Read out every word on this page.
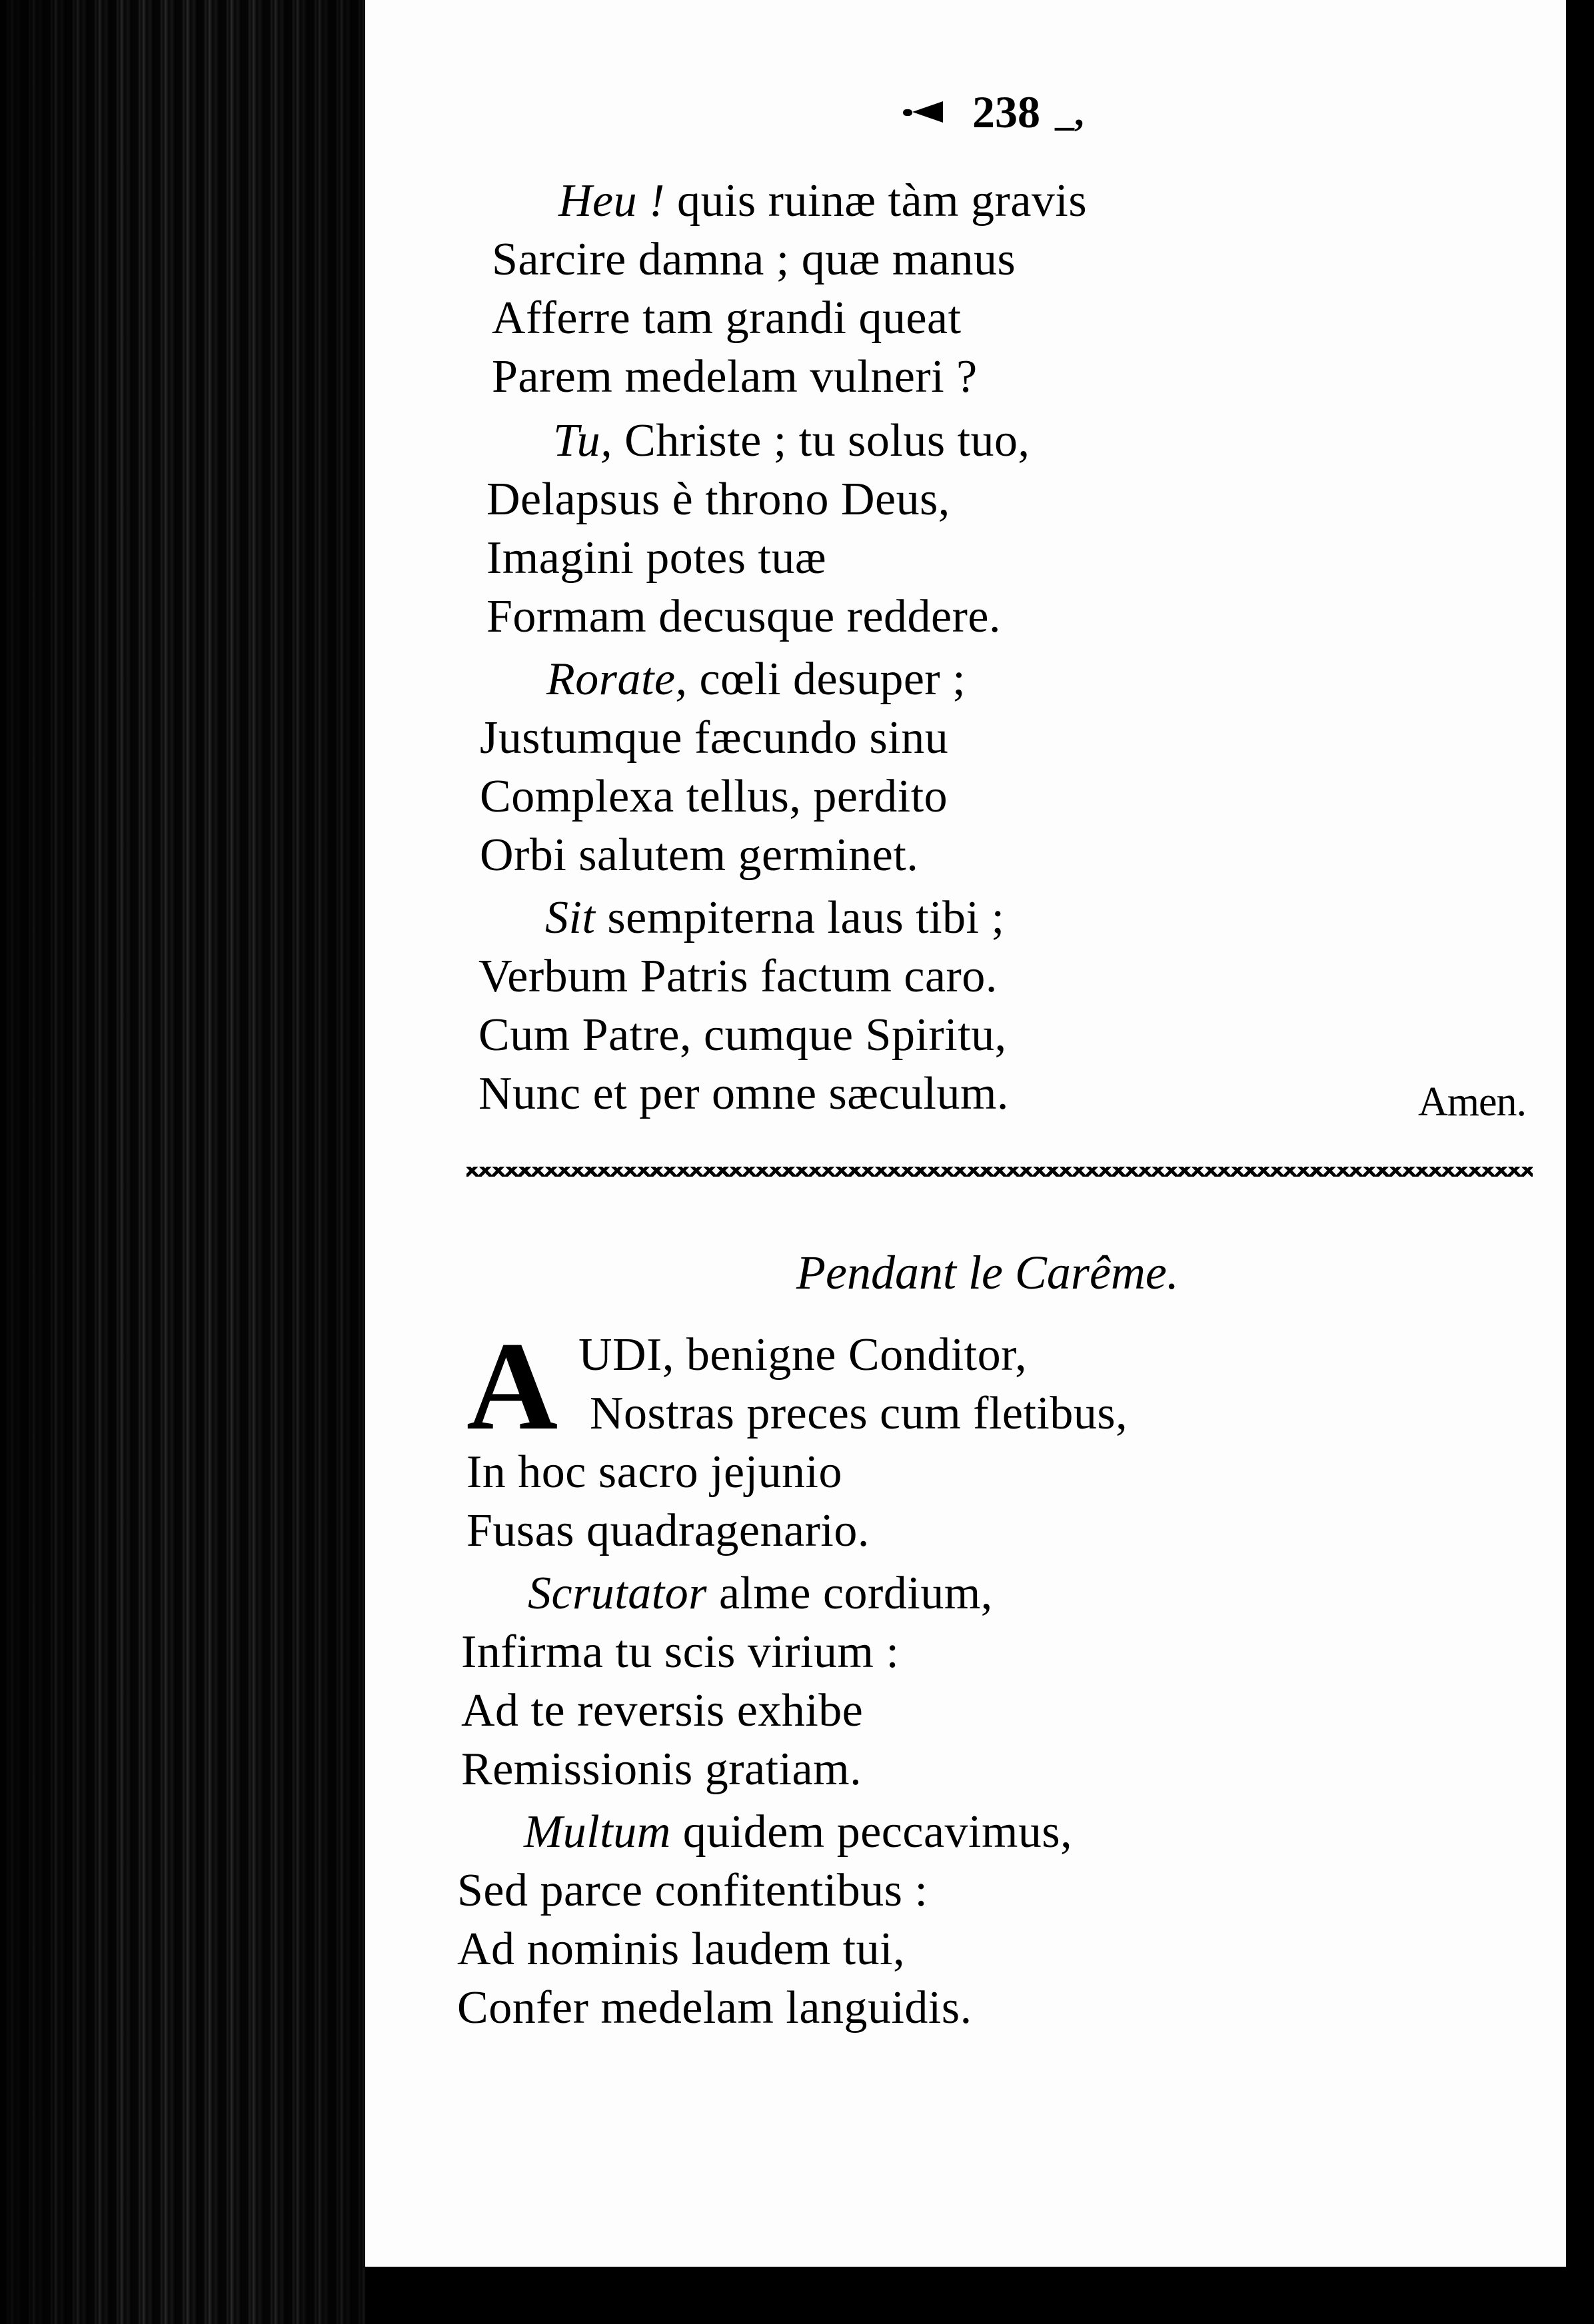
238 _,
Heu ! quis ruinæ tàm gravis
Sarcire damna ; quæ manus
Afferre tam grandi queat
Parem medelam vulneri ?
Tu, Christe ; tu solus tuo,
Delapsus è throno Deus,
Imagini potes tuæ
Formam decusque reddere.
Rorate, cœli desuper ;
Justumque fæcundo sinu
Complexa tellus, perdito
Orbi salutem germinet.
Sit sempiterna laus tibi ;
Verbum Patris factum caro.
Cum Patre, cumque Spiritu,
Nunc et per omne sæculum.	Amen.
Pendant le Carême.
A UDI, benigne Conditor,
Nostras preces cum fletibus,
In hoc sacro jejunio
Fusas quadragenario.
Scrutator alme cordium,
Infirma tu scis virium :
Ad te reversis exhibe
Remissionis gratiam.
Multum quidem peccavimus,
Sed parce confitentibus :
Ad nominis laudem tui,
Confer medelam languidis.
